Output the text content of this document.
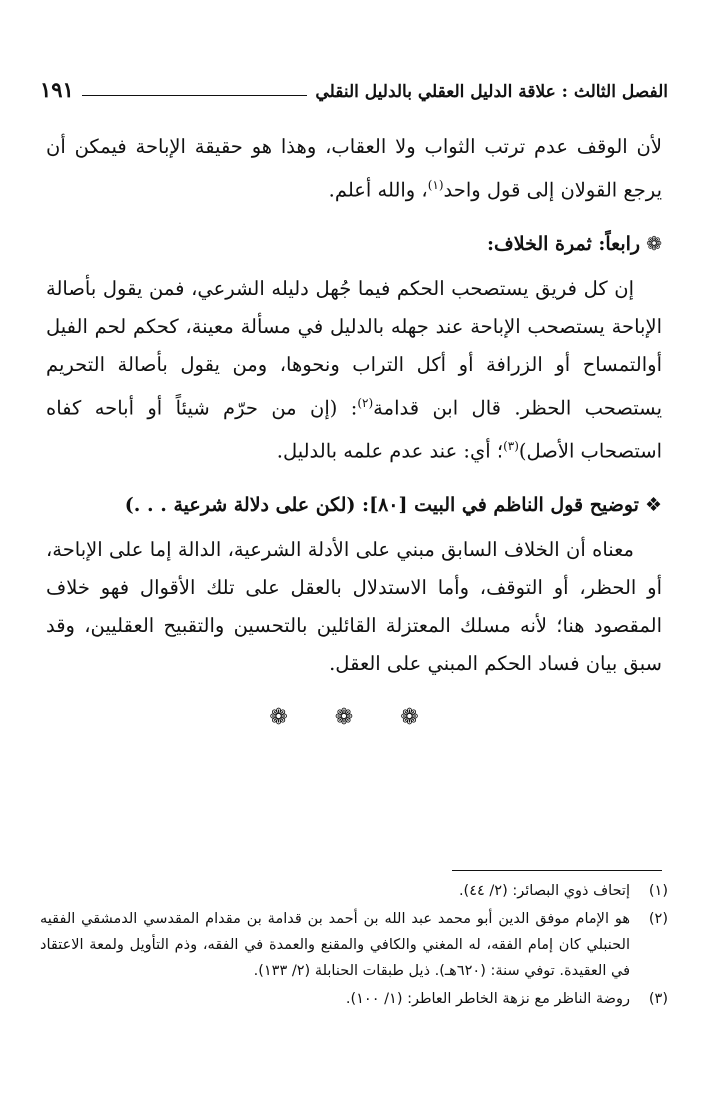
الفصل الثالث : علاقة الدليل العقلي بالدليل النقلي
١٩١

لأن الوقف عدم ترتب الثواب ولا العقاب، وهذا هو حقيقة الإباحة فيمكن أن يرجع القولان إلى قول واحد$^{(١)}$، والله أعلم.

❁رابعاً: ثمرة الخلاف:

إن كل فريق يستصحب الحكم فيما جُهل دليله الشرعي، فمن يقول بأصالة الإباحة يستصحب الإباحة عند جهله بالدليل في مسألة معينة، كحكم لحم الفيل أوالتمساح أو الزرافة أو أكل التراب ونحوها، ومن يقول بأصالة التحريم يستصحب الحظر. قال ابن قدامة$^{(٢)}$: (إن من حرّم شيئاً أو أباحه كفاه استصحاب الأصل)$^{(٣)}$؛ أي: عند عدم علمه بالدليل.

❖توضيح قول الناظم في البيت [٨٠]: (لكن على دلالة شرعية . . .)

معناه أن الخلاف السابق مبني على الأدلة الشرعية، الدالة إما على الإباحة، أو الحظر، أو التوقف، وأما الاستدلال بالعقل على تلك الأقوال فهو خلاف المقصود هنا؛ لأنه مسلك المعتزلة القائلين بالتحسين والتقبيح العقليين، وقد سبق بيان فساد الحكم المبني على العقل.

❁ ❁ ❁
(١)
إتحاف ذوي البصائر: (٢/ ٤٤).
(٢)
هو الإمام موفق الدين أبو محمد عبد الله بن أحمد بن قدامة بن مقدام المقدسي الدمشقي الفقيه الحنبلي كان إمام الفقه، له المغني والكافي والمقنع والعمدة في الفقه، وذم التأويل ولمعة الاعتقاد في العقيدة. توفي سنة: (٦٢٠هـ). ذيل طبقات الحنابلة (٢/ ١٣٣).
(٣)
روضة الناظر مع نزهة الخاطر العاطر: (١/ ١٠٠).
